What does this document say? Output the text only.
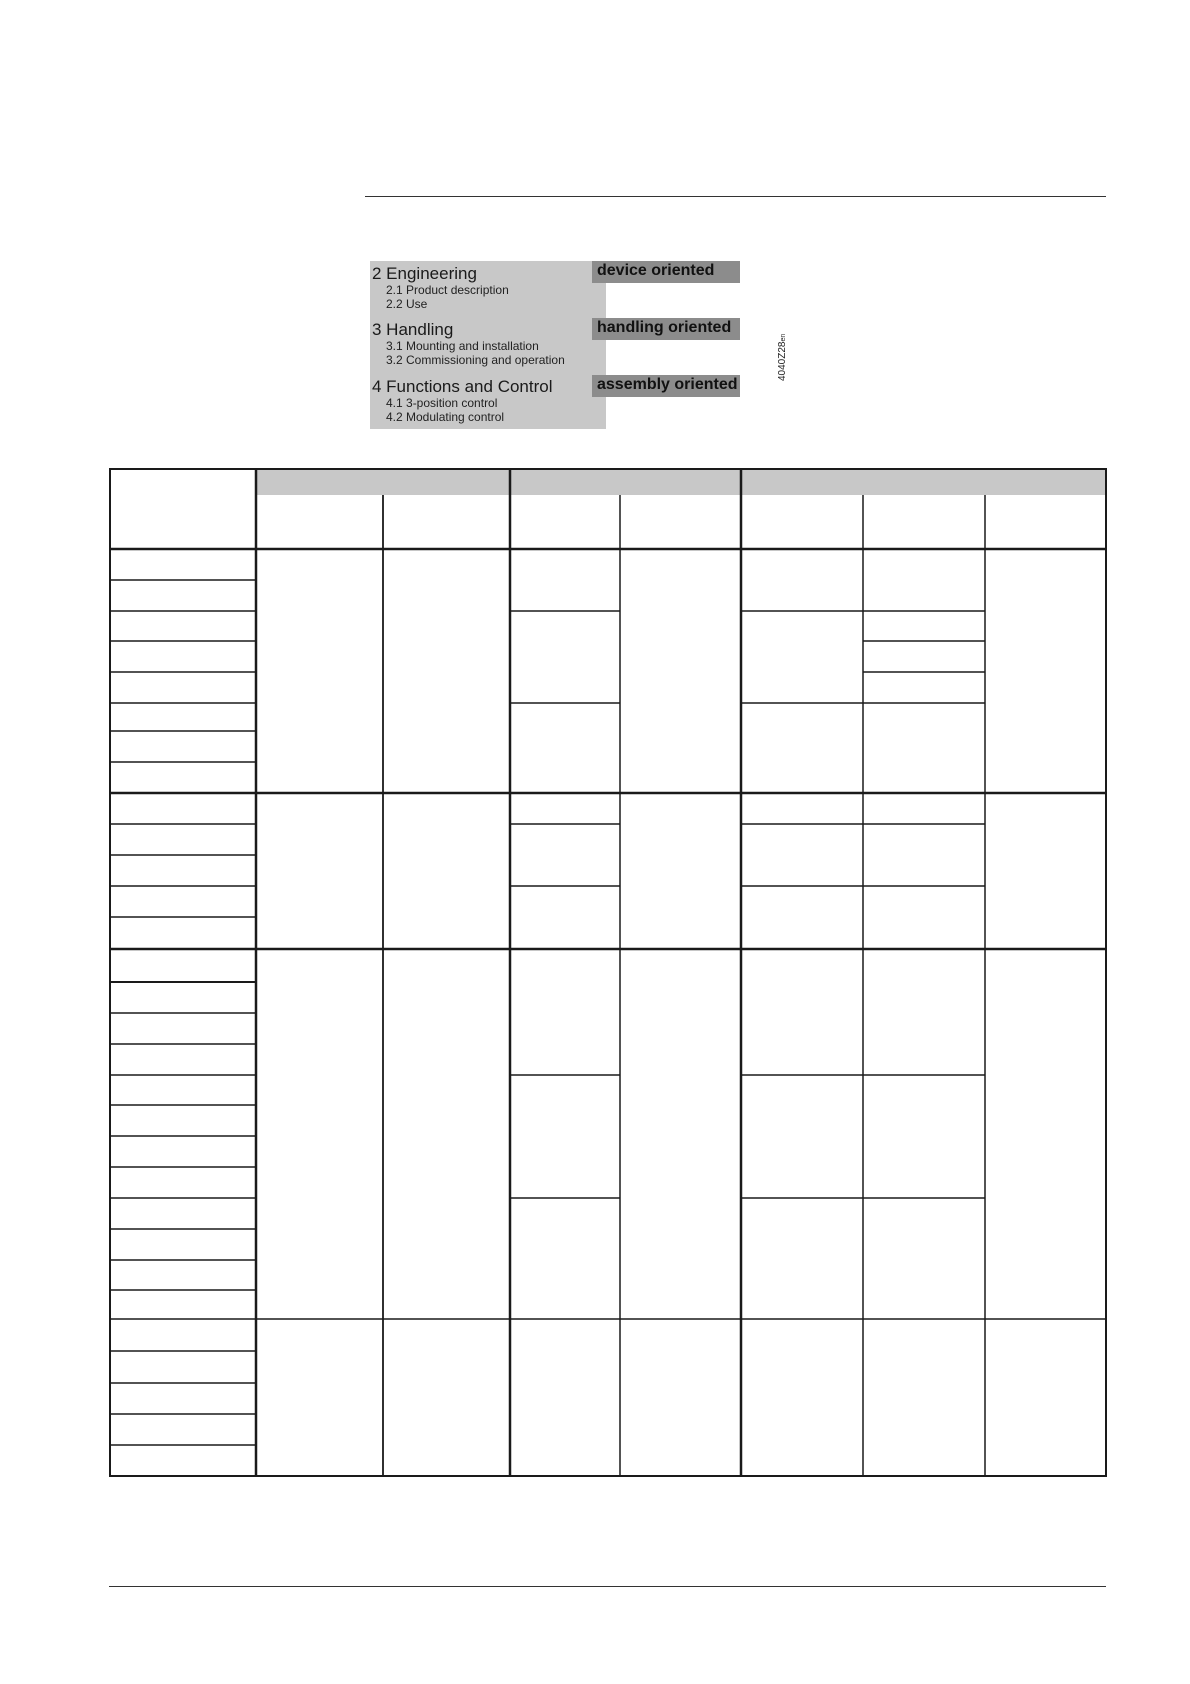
2 Engineering
2.1 Product description
2.2 Use
device oriented
3 Handling
3.1 Mounting and installation
3.2 Commissioning and operation
handling oriented
4 Functions and Control
4.1 3-position control
4.2 Modulating control
assembly oriented
4040Z28en
